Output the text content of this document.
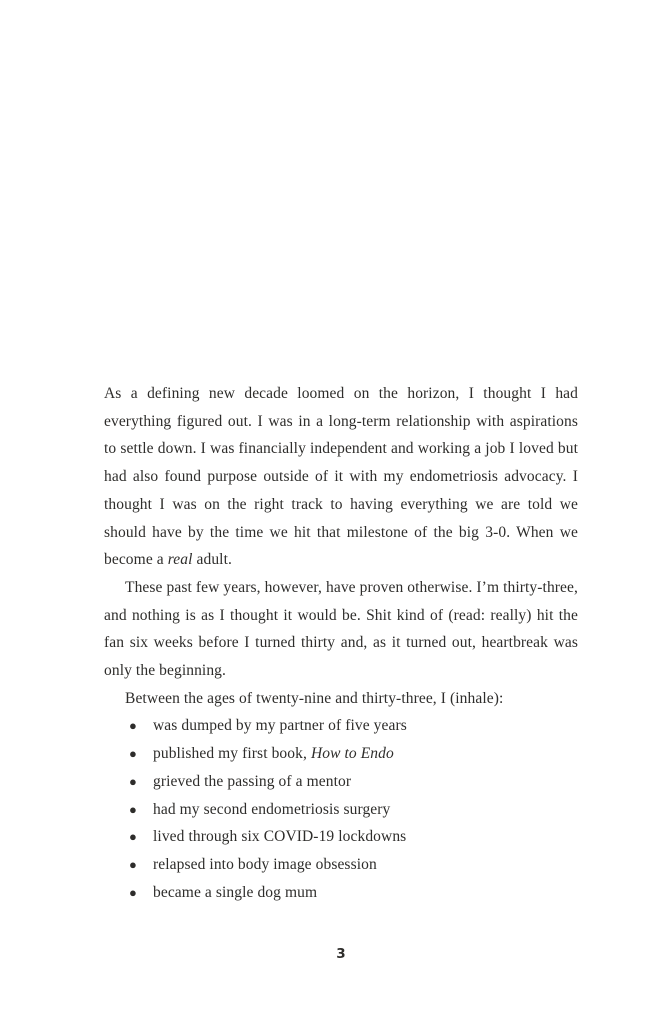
As a defining new decade loomed on the horizon, I thought I had everything figured out. I was in a long-term relationship with aspirations to settle down. I was financially independent and working a job I loved but had also found purpose outside of it with my endometriosis advocacy. I thought I was on the right track to having everything we are told we should have by the time we hit that milestone of the big 3-0. When we become a real adult.

These past few years, however, have proven otherwise. I’m thirty-three, and nothing is as I thought it would be. Shit kind of (read: really) hit the fan six weeks before I turned thirty and, as it turned out, heartbreak was only the beginning.

Between the ages of twenty-nine and thirty-three, I (inhale):

● was dumped by my partner of five years
● published my first book, How to Endo
● grieved the passing of a mentor
● had my second endometriosis surgery
● lived through six COVID-19 lockdowns
● relapsed into body image obsession
● became a single dog mum
3
